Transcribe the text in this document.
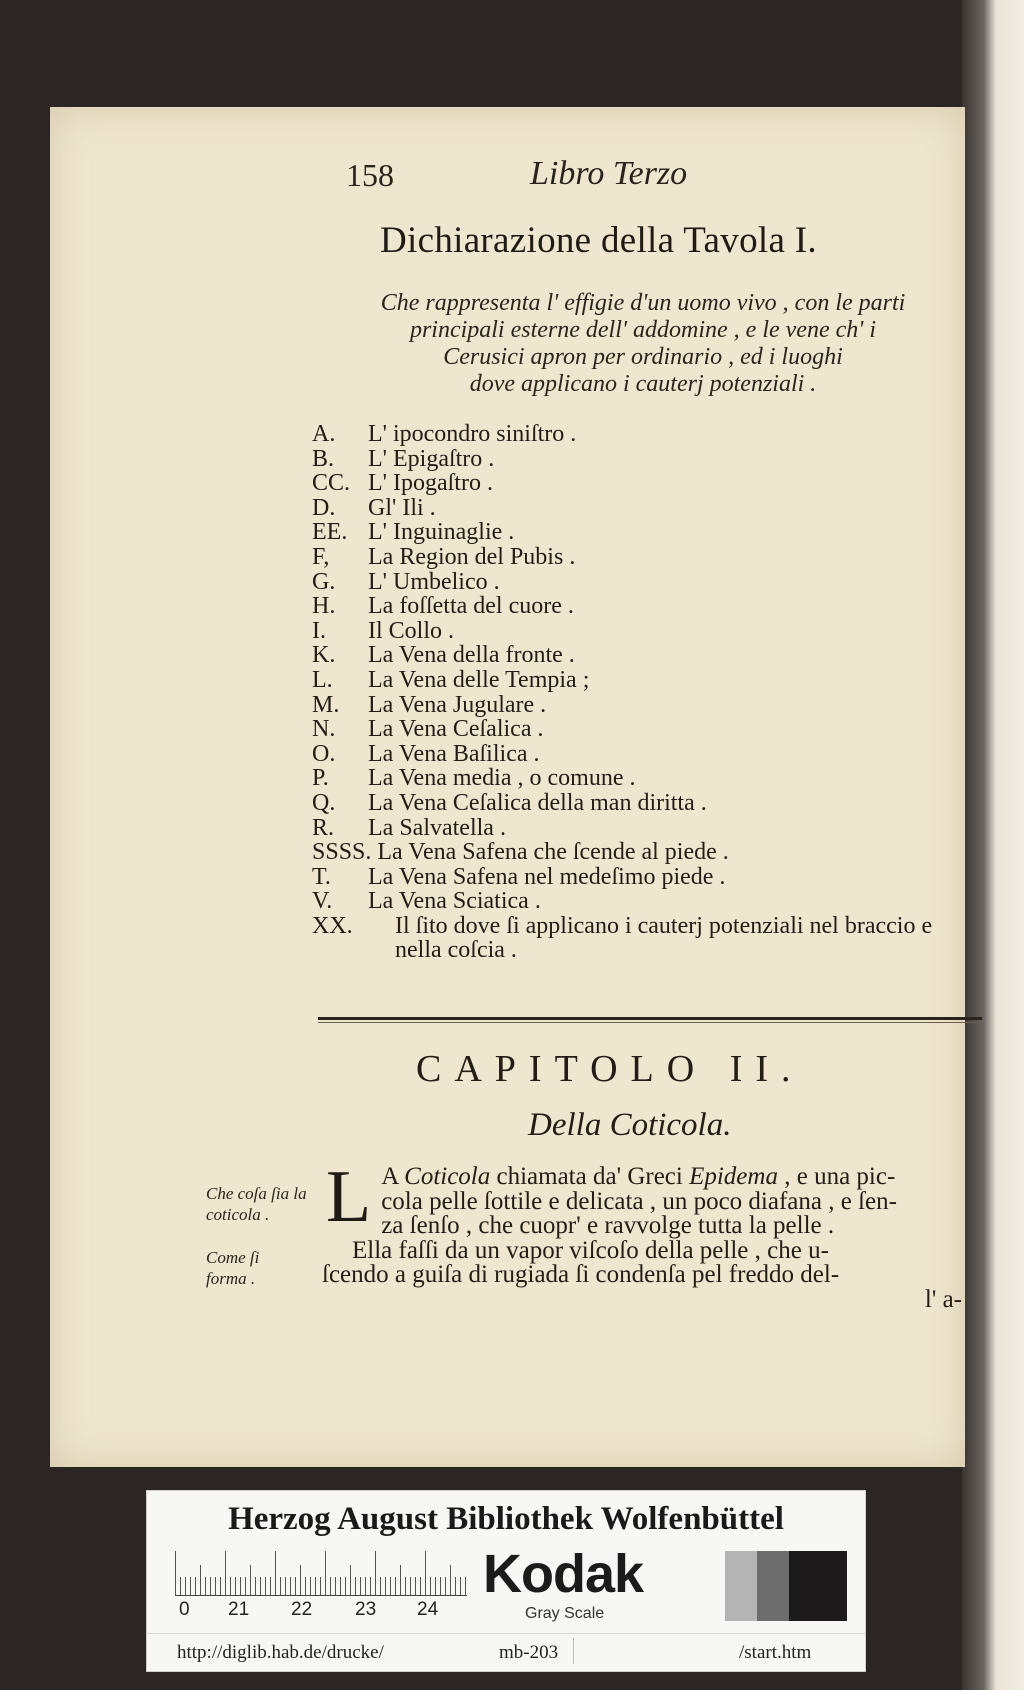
158	Libro Terzo
Dichiarazione della Tavola I.
Che rappresenta l' effigie d'un uomo vivo , con le parti
principali esterne dell' addomine , e le vene ch' i
Cerusici apron per ordinario , ed i luoghi
dove applicano i cauterj potenziali .
A.	L' ipocondro siniſtro .
B.	L' Epigaſtro .
CC. L' Ipogaſtro .
D.	Gl' Ili .
EE. L' Inguinaglie .
F,	La Region del Pubis .
G.	L' Umbelico .
H.	La foſſetta del cuore .
I.	Il Collo .
K.	La Vena della fronte .
L.	La Vena delle Tempia ;
M.	La Vena Jugulare .
N.	La Vena Ceſalica .
O.	La Vena Baſilica .
P.	La Vena media , o comune .
Q.	La Vena Ceſalica della man diritta .
R.	La Salvatella .
SSSS. La Vena Safena che ſcende al piede .
T.	La Vena Safena nel medeſimo piede .
V.	La Vena Sciatica .
XX.	Il ſito dove ſi applicano i cauterj potenziali nel braccio e nella coſcia .
CAPITOLO II.
Della Coticola.
Che coſa ſia la coticola .
Come ſi forma .
L A Coticola chiamata da' Greci Epidema , e una pic-
cola pelle ſottile e delicata , un poco diafana , e ſen-
za ſenſo , che cuopr' e ravvolge tutta la pelle .
Ella faſſi da un vapor viſcoſo della pelle , che u-
ſcendo a guiſa di rugiada ſi condenſa pel freddo del-
l' a-
Herzog August Bibliothek Wolfenbüttel
0 21 22 23 24
Kodak
Gray Scale
http://diglib.hab.de/drucke/	mb-203	/start.htm
